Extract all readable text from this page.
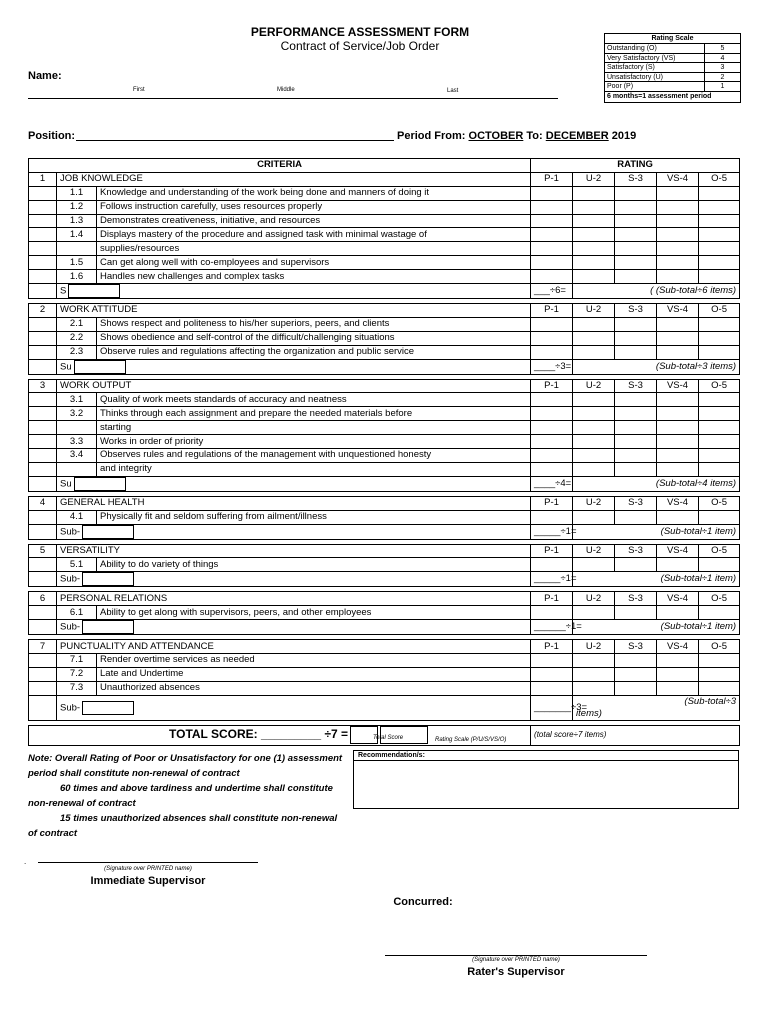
PERFORMANCE ASSESSMENT FORM
Contract of Service/Job Order
Rating Scale
Outstanding (O)	5
Very Satisfactory (VS)	4
Satisfactory (S)	3
Unsatisfactory (U)	2
Poor (P)	1
6 months=1 assessment period
Name:
First	Middle	Last
Position:	Period From: OCTOBER To: DECEMBER 2019
CRITERIA			RATING				
1	JOB KNOWLEDGE		P-1	U-2	S-3	VS-4	O-5
	1.1	Knowledge and understanding of the work being done and manners of doing it					
	1.2	Follows instruction carefully, uses resources properly					
	1.3	Demonstrates creativeness, initiative, and resources					
	1.4	Displays mastery of the procedure and assigned task with minimal wastage of					
		supplies/resources					
	1.5	Can get along well with co-employees and supervisors					
	1.6	Handles new challenges and complex tasks					
	S		___÷6=	( (Sub-total÷6 items)			

2	WORK ATTITUDE		P-1	U-2	S-3	VS-4	O-5
	2.1	Shows respect and politeness to his/her superiors, peers, and clients					
	2.2	Shows obedience and self-control of the difficult/challenging situations					
	2.3	Observe rules and regulations affecting the organization and public service					
	Su		____÷3=	(Sub-total÷3 items)			

3	WORK OUTPUT		P-1	U-2	S-3	VS-4	O-5
	3.1	Quality of work meets standards of accuracy and neatness					
	3.2	Thinks through each assignment and prepare the needed materials before					
		starting					
	3.3	Works in order of priority					
	3.4	Observes rules and regulations of the management with unquestioned honesty					
		and integrity					
	Su		____÷4=	(Sub-total÷4 items)			

4	GENERAL HEALTH		P-1	U-2	S-3	VS-4	O-5
	4.1	Physically fit and seldom suffering from ailment/illness					
	Sub-		_____÷1=	(Sub-total÷1 item)			

5	VERSATILITY		P-1	U-2	S-3	VS-4	O-5
	5.1	Ability to do variety of things					
	Sub-		_____÷1=	(Sub-total÷1 item)			

6	PERSONAL RELATIONS		P-1	U-2	S-3	VS-4	O-5
	6.1	Ability to get along with supervisors, peers, and other employees					
	Sub-		______÷1=	(Sub-total÷1 item)			

7	PUNCTUALITY AND ATTENDANCE		P-1	U-2	S-3	VS-4	O-5
	7.1	Render overtime services as needed					
	7.2	Late and Undertime					
	7.3	Unauthorized absences					
	Sub-		_______÷3=	(Sub-total÷3
items)			

TOTAL SCORE: _________ ÷7 =			(total score÷7 items)				
Note: Overall Rating of Poor or Unsatisfactory for one (1) assessment period shall constitute non-renewal of contract
60 times and above tardiness and undertime shall constitute non-renewal of contract
15 times unauthorized absences shall constitute non-renewal of contract
Recommendation/s:
.
(Signature over PRINTED name)
Immediate Supervisor
Concurred:
(Signature over PRINTED name)
Rater's Supervisor
Total Score	Rating Scale (P/U/S/VS/O)
